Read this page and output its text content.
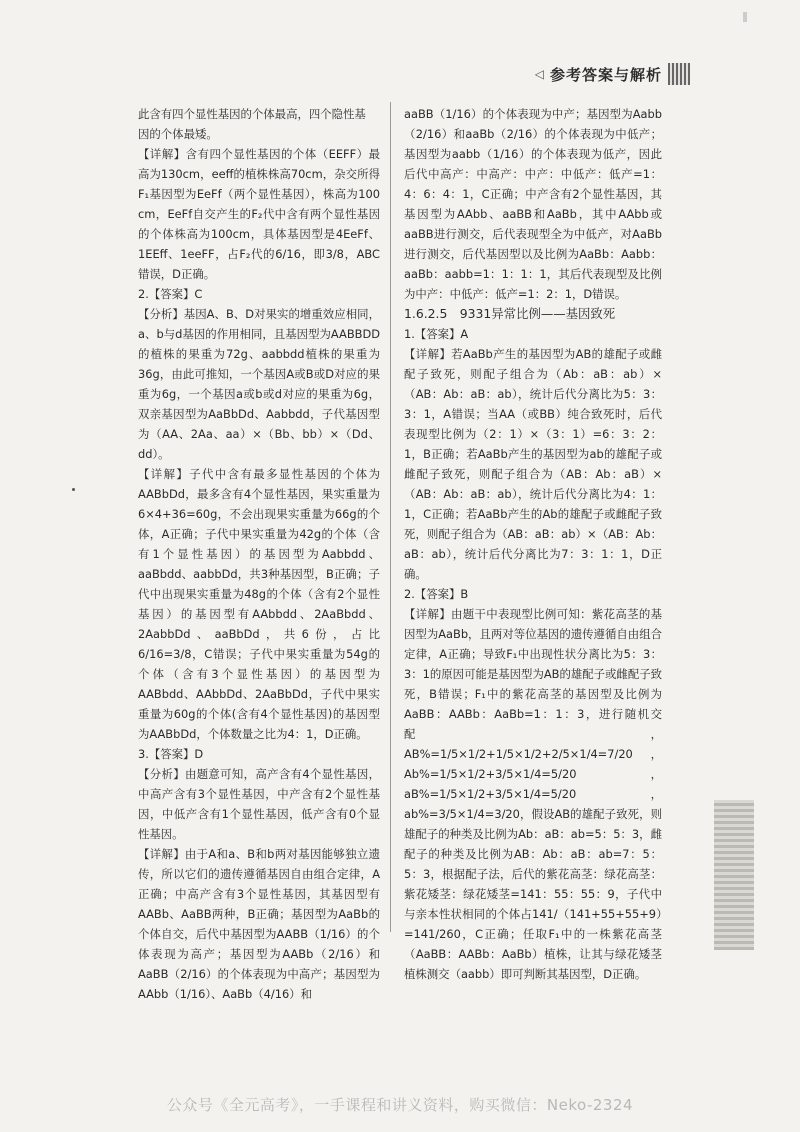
◁ 参考答案与解析

此含有四个显性基因的个体最高，四个隐性基

因的个体最矮。

【详解】含有四个显性基因的个体（EEFF）最高为130cm，eeff的植株株高70cm，杂交所得F₁基因型为EeFf（两个显性基因），株高为100 cm，EeFf自交产生的F₂代中含有两个显性基因的个体株高为100cm，具体基因型是4EeFf、1EEff、1eeFF，占F₂代的6/16，即3/8，ABC错误，D正确。

2.【答案】C

【分析】基因A、B、D对果实的增重效应相同，a、b与d基因的作用相同，且基因型为AABBDD的植株的果重为72g、aabbdd植株的果重为36g，由此可推知，一个基因A或B或D对应的果重为6g，一个基因a或b或d对应的果重为6g，双亲基因型为AaBbDd、Aabbdd，子代基因型为（AA、2Aa、aa）×（Bb、bb）×（Dd、dd）。

【详解】子代中含有最多显性基因的个体为AABbDd，最多含有4个显性基因，果实重量为6×4+36=60g，不会出现果实重量为66g的个体，A正确；子代中果实重量为42g的个体（含有1个显性基因）的基因型为Aabbdd、aaBbdd、aabbDd，共3种基因型，B正确；子代中出现果实重量为48g的个体（含有2个显性基因）的基因型有AAbbdd、2AaBbdd、2AabbDd、aaBbDd，共6份，占比6/16=3/8，C错误；子代中果实重量为54g的个体（含有3个显性基因）的基因型为AABbdd、AAbbDd、2AaBbDd，子代中果实重量为60g的个体(含有4个显性基因)的基因型为AABbDd，个体数量之比为4：1，D正确。

3.【答案】D

【分析】由题意可知，高产含有4个显性基因，中高产含有3个显性基因，中产含有2个显性基因，中低产含有1个显性基因，低产含有0个显性基因。

【详解】由于A和a、B和b两对基因能够独立遗传，所以它们的遗传遵循基因自由组合定律，A正确；中高产含有3个显性基因，其基因型有AABb、AaBB两种，B正确；基因型为AaBb的个体自交，后代中基因型为AABB（1/16）的个体表现为高产；基因型为AABb（2/16）和AaBB（2/16）的个体表现为中高产；基因型为AAbb（1/16）、AaBb（4/16）和

aaBB（1/16）的个体表现为中产；基因型为Aabb（2/16）和aaBb（2/16）的个体表现为中低产；基因型为aabb（1/16）的个体表现为低产，因此后代中高产：中高产：中产：中低产：低产=1：4：6：4：1，C正确；中产含有2个显性基因，其基因型为AAbb、aaBB和AaBb，其中AAbb或aaBB进行测交，后代表现型全为中低产，对AaBb进行测交，后代基因型以及比例为AaBb：Aabb：aaBb：aabb=1：1：1：1，其后代表现型及比例为中产：中低产：低产=1：2：1，D错误。

1.6.2.5　9331异常比例——基因致死

1.【答案】A

【详解】若AaBb产生的基因型为AB的雄配子或雌配子致死，则配子组合为（Ab：aB：ab）×（AB：Ab：aB：ab），统计后代分离比为5：3：3：1，A错误；当AA（或BB）纯合致死时，后代表现型比例为（2：1）×（3：1）=6：3：2：1，B正确；若AaBb产生的基因型为ab的雄配子或雌配子致死，则配子组合为（AB：Ab：aB）×（AB：Ab：aB：ab），统计后代分离比为4：1：1，C正确；若AaBb产生的Ab的雄配子或雌配子致死，则配子组合为（AB：aB：ab）×（AB：Ab：aB：ab），统计后代分离比为7：3：1：1，D正确。

2.【答案】B

【详解】由题干中表现型比例可知：紫花高茎的基因型为AaBb，且两对等位基因的遗传遵循自由组合定律，A正确；导致F₁中出现性状分离比为5：3：3：1的原因可能是基因型为AB的雄配子或雌配子致死，B错误；F₁中的紫花高茎的基因型及比例为AaBB：AABb：AaBb=1：1：3，进行随机交配，AB%=1/5×1/2+1/5×1/2+2/5×1/4=7/20，Ab%=1/5×1/2+3/5×1/4=5/20，aB%=1/5×1/2+3/5×1/4=5/20，ab%=3/5×1/4=3/20，假设AB的雄配子致死，则雄配子的种类及比例为Ab：aB：ab=5：5：3，雌配子的种类及比例为AB：Ab：aB：ab=7：5：5：3，根据配子法，后代的紫花高茎：绿花高茎：紫花矮茎：绿花矮茎=141：55：55：9，子代中与亲本性状相同的个体占141/（141+55+55+9）=141/260，C正确；任取F₁中的一株紫花高茎（AaBB：AABb：AaBb）植株，让其与绿花矮茎植株测交（aabb）即可判断其基因型，D正确。

公众号《全元高考》，一手课程和讲义资料，购买微信：Neko-2324
